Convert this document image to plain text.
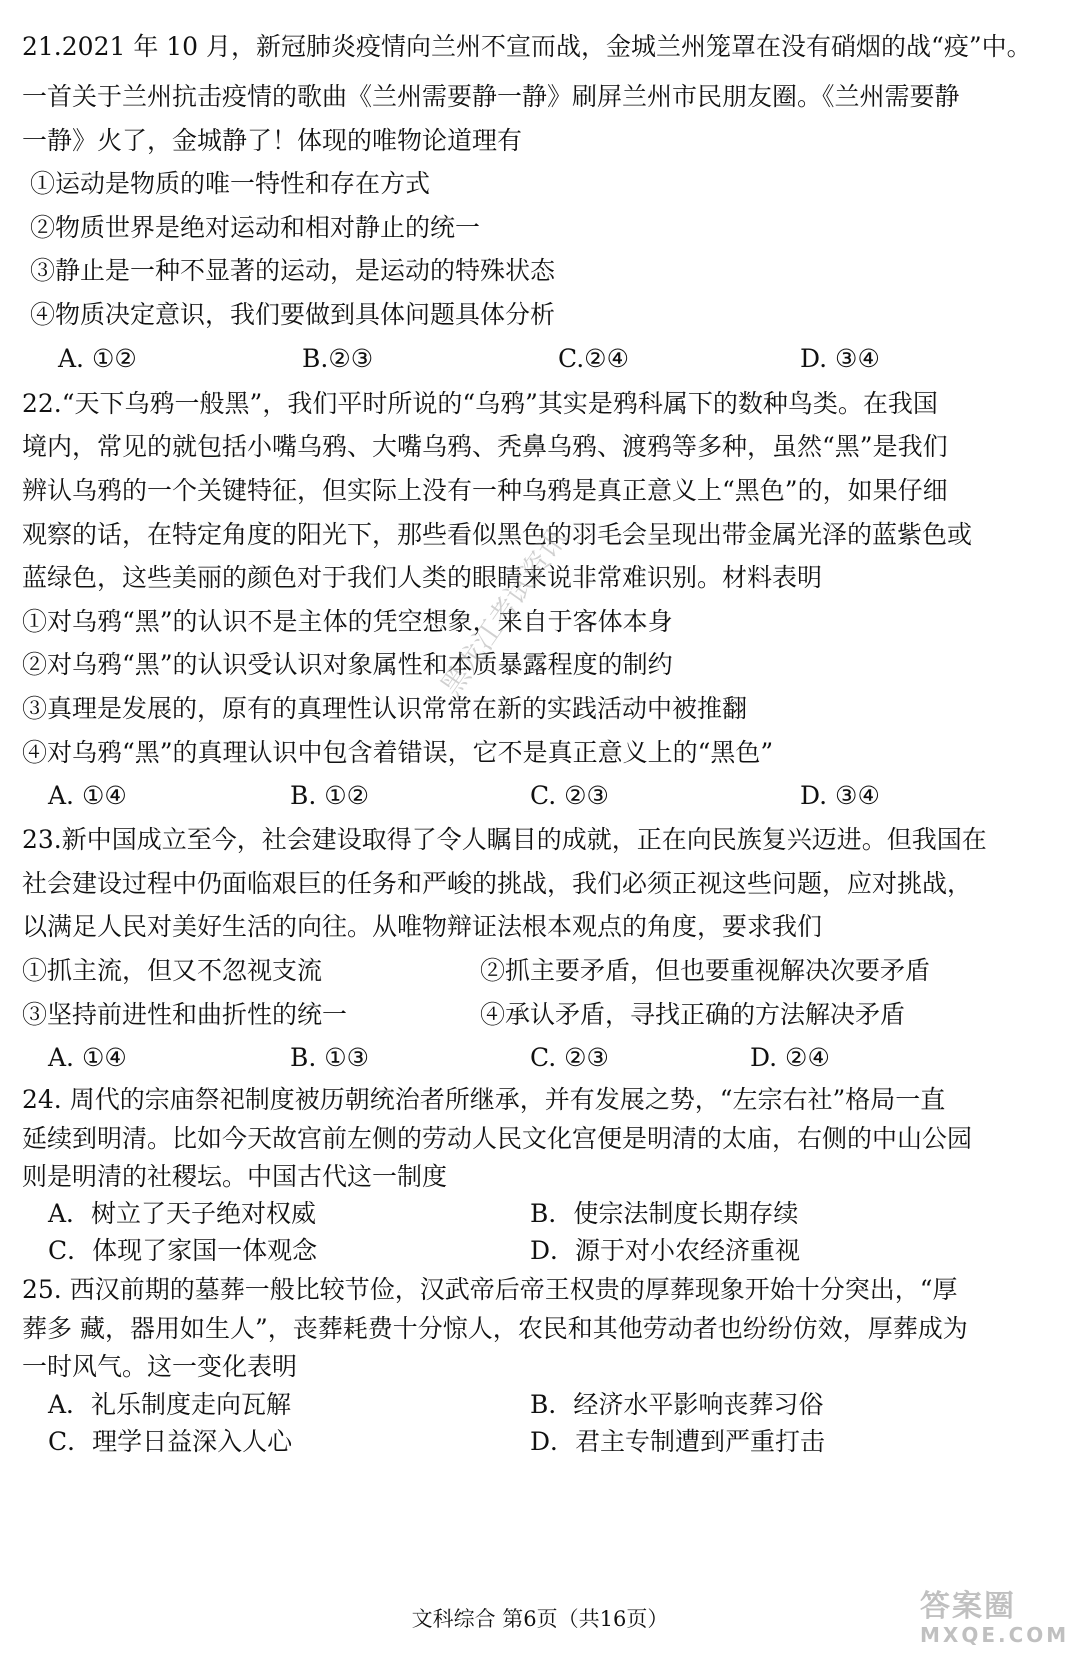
21.2021 年 10 月，新冠肺炎疫情向兰州不宣而战，金城兰州笼罩在没有硝烟的战“疫”中。
一首关于兰州抗击疫情的歌曲《兰州需要静一静》刷屏兰州市民朋友圈。《兰州需要静
一静》火了，金城静了！体现的唯物论道理有
①运动是物质的唯一特性和存在方式
②物质世界是绝对运动和相对静止的统一
③静止是一种不显著的运动，是运动的特殊状态
④物质决定意识，我们要做到具体问题具体分析
A. ①②	B.②③	C.②④	D. ③④
22.“天下乌鸦一般黑”，我们平时所说的“乌鸦”其实是鸦科属下的数种鸟类。在我国
境内，常见的就包括小嘴乌鸦、大嘴乌鸦、秃鼻乌鸦、渡鸦等多种，虽然“黑”是我们
辨认乌鸦的一个关键特征，但实际上没有一种乌鸦是真正意义上“黑色”的，如果仔细
观察的话，在特定角度的阳光下，那些看似黑色的羽毛会呈现出带金属光泽的蓝紫色或
蓝绿色，这些美丽的颜色对于我们人类的眼睛来说非常难识别。材料表明
①对乌鸦“黑”的认识不是主体的凭空想象，来自于客体本身
②对乌鸦“黑”的认识受认识对象属性和本质暴露程度的制约
③真理是发展的，原有的真理性认识常常在新的实践活动中被推翻
④对乌鸦“黑”的真理认识中包含着错误，它不是真正意义上的“黑色”
A. ①④	B. ①②	C. ②③	D. ③④
23.新中国成立至今，社会建设取得了令人瞩目的成就，正在向民族复兴迈进。但我国在
社会建设过程中仍面临艰巨的任务和严峻的挑战，我们必须正视这些问题，应对挑战，
以满足人民对美好生活的向往。从唯物辩证法根本观点的角度，要求我们
①抓主流，但又不忽视支流	②抓主要矛盾，但也要重视解决次要矛盾
③坚持前进性和曲折性的统一	④承认矛盾，寻找正确的方法解决矛盾
A. ①④	B. ①③	C. ②③	D. ②④
24. 周代的宗庙祭祀制度被历朝统治者所继承，并有发展之势，“左宗右社”格局一直
延续到明清。比如今天故宫前左侧的劳动人民文化宫便是明清的太庙，右侧的中山公园
则是明清的社稷坛。中国古代这一制度
A．树立了天子绝对权威	B．使宗法制度长期存续
C．体现了家国一体观念	D．源于对小农经济重视
25. 西汉前期的墓葬一般比较节俭，汉武帝后帝王权贵的厚葬现象开始十分突出，“厚
葬多 藏，器用如生人”，丧葬耗费十分惊人，农民和其他劳动者也纷纷仿效，厚葬成为
一时风气。这一变化表明
A．礼乐制度走向瓦解	B．经济水平影响丧葬习俗
C．理学日益深入人心	D．君主专制遭到严重打击
黑龙江考试资讯
文科综合 第6页（共16页）	答案圈
MXQE.COM
